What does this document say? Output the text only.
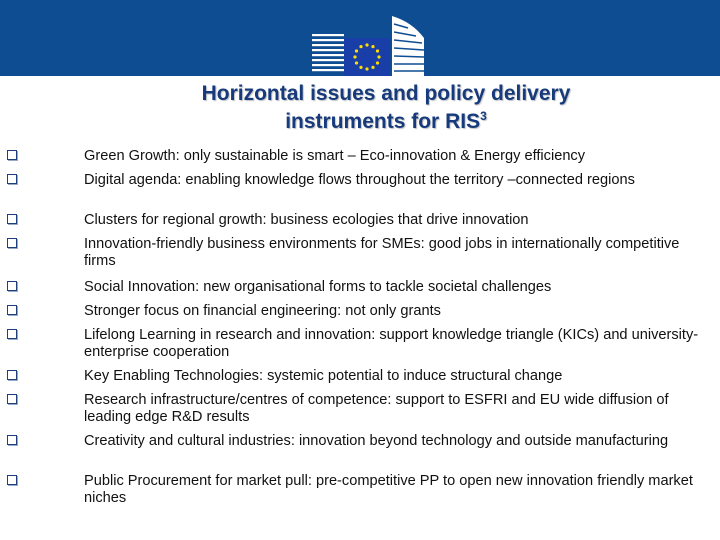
Horizontal issues and policy delivery
instruments for RIS$^3$
Green Growth: only sustainable is smart – Eco-innovation & Energy efficiency
Digital agenda: enabling knowledge flows throughout the territory –connected regions
Clusters for regional growth: business ecologies that drive innovation
Innovation-friendly business environments for SMEs: good jobs in internationally competitive firms
Social Innovation: new organisational forms to tackle societal challenges
Stronger focus on financial engineering: not only grants
Lifelong Learning in research and innovation: support knowledge triangle (KICs) and university-enterprise cooperation
Key Enabling Technologies: systemic potential to induce structural change
Research infrastructure/centres of competence: support to ESFRI and EU wide diffusion of leading edge R&D results
Creativity and cultural industries: innovation beyond technology and outside manufacturing
Public Procurement for market pull: pre-competitive PP to open new innovation friendly market niches
